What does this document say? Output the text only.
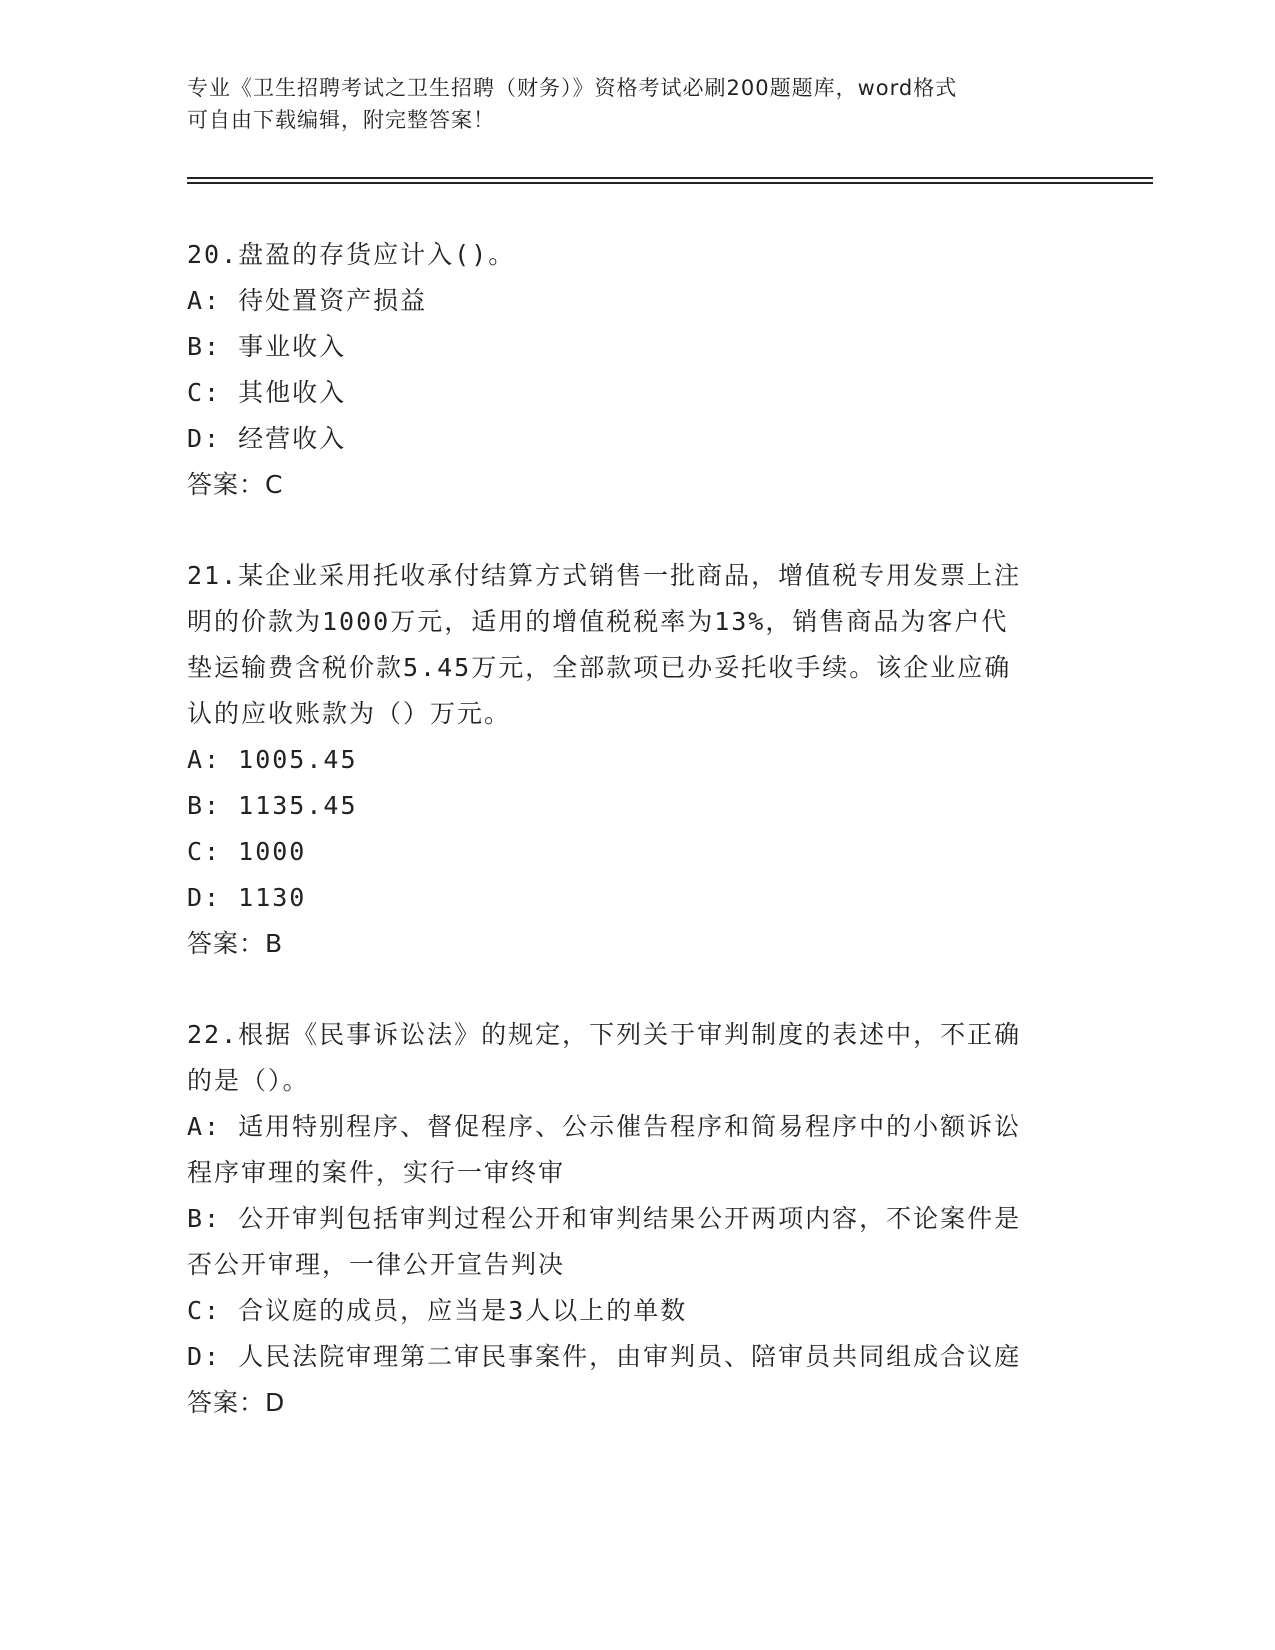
专业《卫生招聘考试之卫生招聘（财务）》资格考试必刷200题题库，word格式
可自由下载编辑，附完整答案！
20.盘盈的存货应计入()。
A: 待处置资产损益
B: 事业收入
C: 其他收入
D: 经营收入
答案：C
21.某企业采用托收承付结算方式销售一批商品，增值税专用发票上注
明的价款为1000万元，适用的增值税税率为13%，销售商品为客户代
垫运输费含税价款5.45万元，全部款项已办妥托收手续。该企业应确
认的应收账款为（）万元。
A: 1005.45
B: 1135.45
C: 1000
D: 1130
答案：B
22.根据《民事诉讼法》的规定，下列关于审判制度的表述中，不正确
的是（）。
A: 适用特别程序、督促程序、公示催告程序和简易程序中的小额诉讼
程序审理的案件，实行一审终审
B: 公开审判包括审判过程公开和审判结果公开两项内容，不论案件是
否公开审理，一律公开宣告判决
C: 合议庭的成员，应当是3人以上的单数
D: 人民法院审理第二审民事案件，由审判员、陪审员共同组成合议庭
答案：D
